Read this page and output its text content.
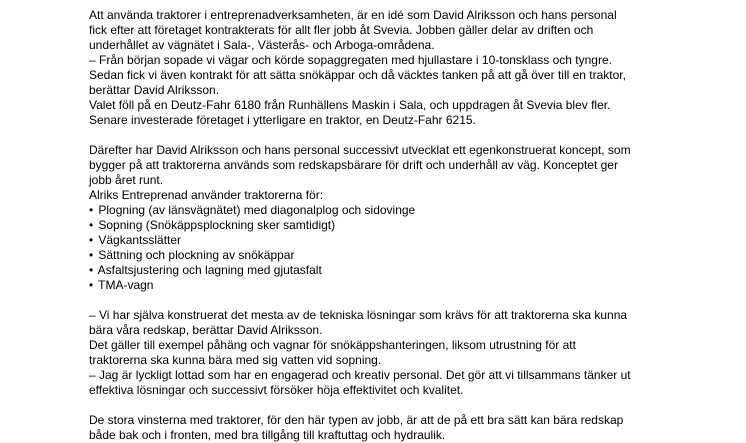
Att använda traktorer i entreprenadverksamheten, är en idé som David Alriksson och hans personal

fick efter att företaget kontrakterats för allt fler jobb åt Svevia. Jobben gäller delar av driften och

underhållet av vägnätet i Sala-, Västerås- och Arboga-områdena.

– Från början sopade vi vägar och körde sopaggregaten med hjullastare i 10-tonsklass och tyngre.

Sedan fick vi även kontrakt för att sätta snökäppar och då väcktes tanken på att gå över till en traktor,

berättar David Alriksson.

Valet föll på en Deutz-Fahr 6180 från Runhällens Maskin i Sala, och uppdragen åt Svevia blev fler.

Senare investerade företaget i ytterligare en traktor, en Deutz-Fahr 6215.

Därefter har David Alriksson och hans personal successivt utvecklat ett egenkonstruerat koncept, som

bygger på att traktorerna används som redskapsbärare för drift och underhåll av väg. Konceptet ger

jobb året runt.

Alriks Entreprenad använder traktorerna för:

• Plogning (av länsvägnätet) med diagonalplog och sidovinge
• Sopning (Snökäppsplockning sker samtidigt)
• Vägkantsslätter
• Sättning och plockning av snökäppar
• Asfaltsjustering och lagning med gjutasfalt
• TMA-vagn

– Vi har själva konstruerat det mesta av de tekniska lösningar som krävs för att traktorerna ska kunna

bära våra redskap, berättar David Alriksson.

Det gäller till exempel påhäng och vagnar för snökäppshanteringen, liksom utrustning för att

traktorerna ska kunna bära med sig vatten vid sopning.

– Jag är lyckligt lottad som har en engagerad och kreativ personal. Det gör att vi tillsammans tänker ut

effektiva lösningar och successivt försöker höja effektivitet och kvalitet.

De stora vinsterna med traktorer, för den här typen av jobb, är att de på ett bra sätt kan bära redskap

både bak och i fronten, med bra tillgång till kraftuttag och hydraulik.
